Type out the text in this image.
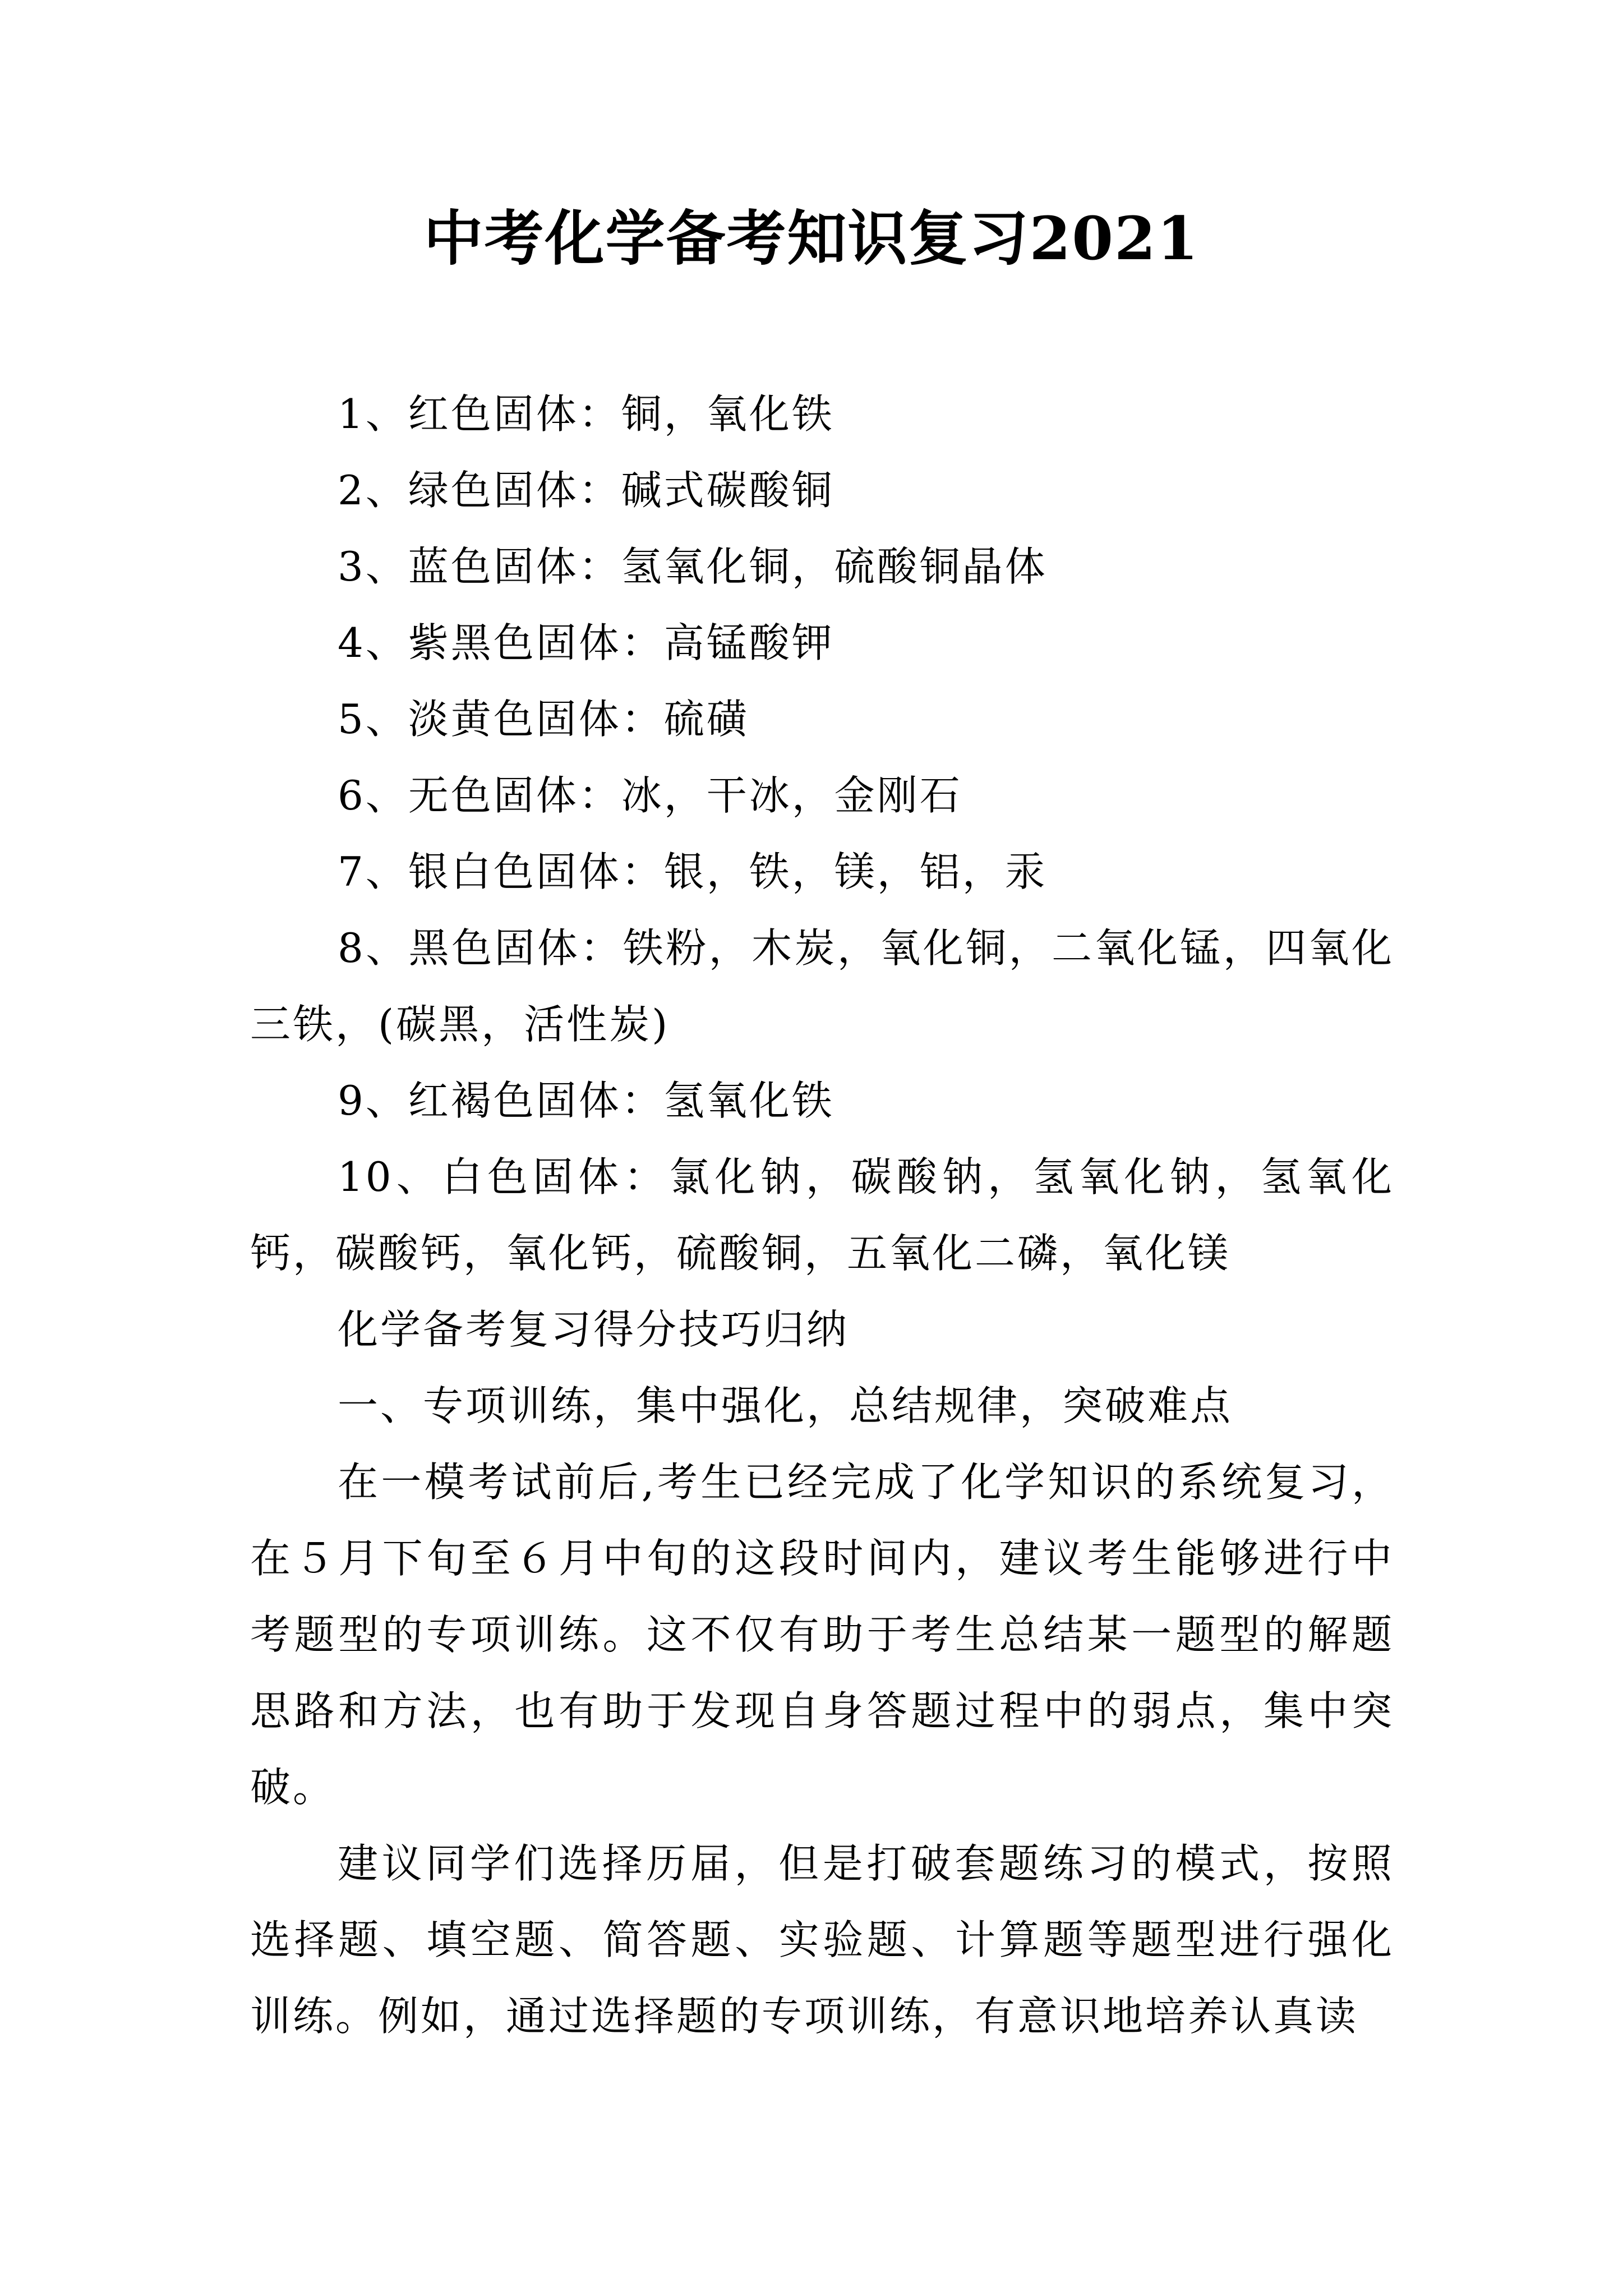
中考化学备考知识复习2021

1、红色固体：铜，氧化铁

2、绿色固体：碱式碳酸铜

3、蓝色固体：氢氧化铜，硫酸铜晶体

4、紫黑色固体：高锰酸钾

5、淡黄色固体：硫磺

6、无色固体：冰，干冰，金刚石

7、银白色固体：银，铁，镁，铝，汞

8、黑色固体：铁粉，木炭，氧化铜，二氧化锰，四氧化三铁，(碳黑，活性炭)

9、红褐色固体：氢氧化铁

10、白色固体：氯化钠，碳酸钠，氢氧化钠，氢氧化钙，碳酸钙，氧化钙，硫酸铜，五氧化二磷，氧化镁

化学备考复习得分技巧归纳

一、专项训练，集中强化，总结规律，突破难点

在一模考试前后,考生已经完成了化学知识的系统复习，在５月下旬至６月中旬的这段时间内，建议考生能够进行中考题型的专项训练。这不仅有助于考生总结某一题型的解题思路和方法，也有助于发现自身答题过程中的弱点，集中突破。

建议同学们选择历届，但是打破套题练习的模式，按照选择题、填空题、简答题、实验题、计算题等题型进行强化训练。例如，通过选择题的专项训练，有意识地培养认真读
